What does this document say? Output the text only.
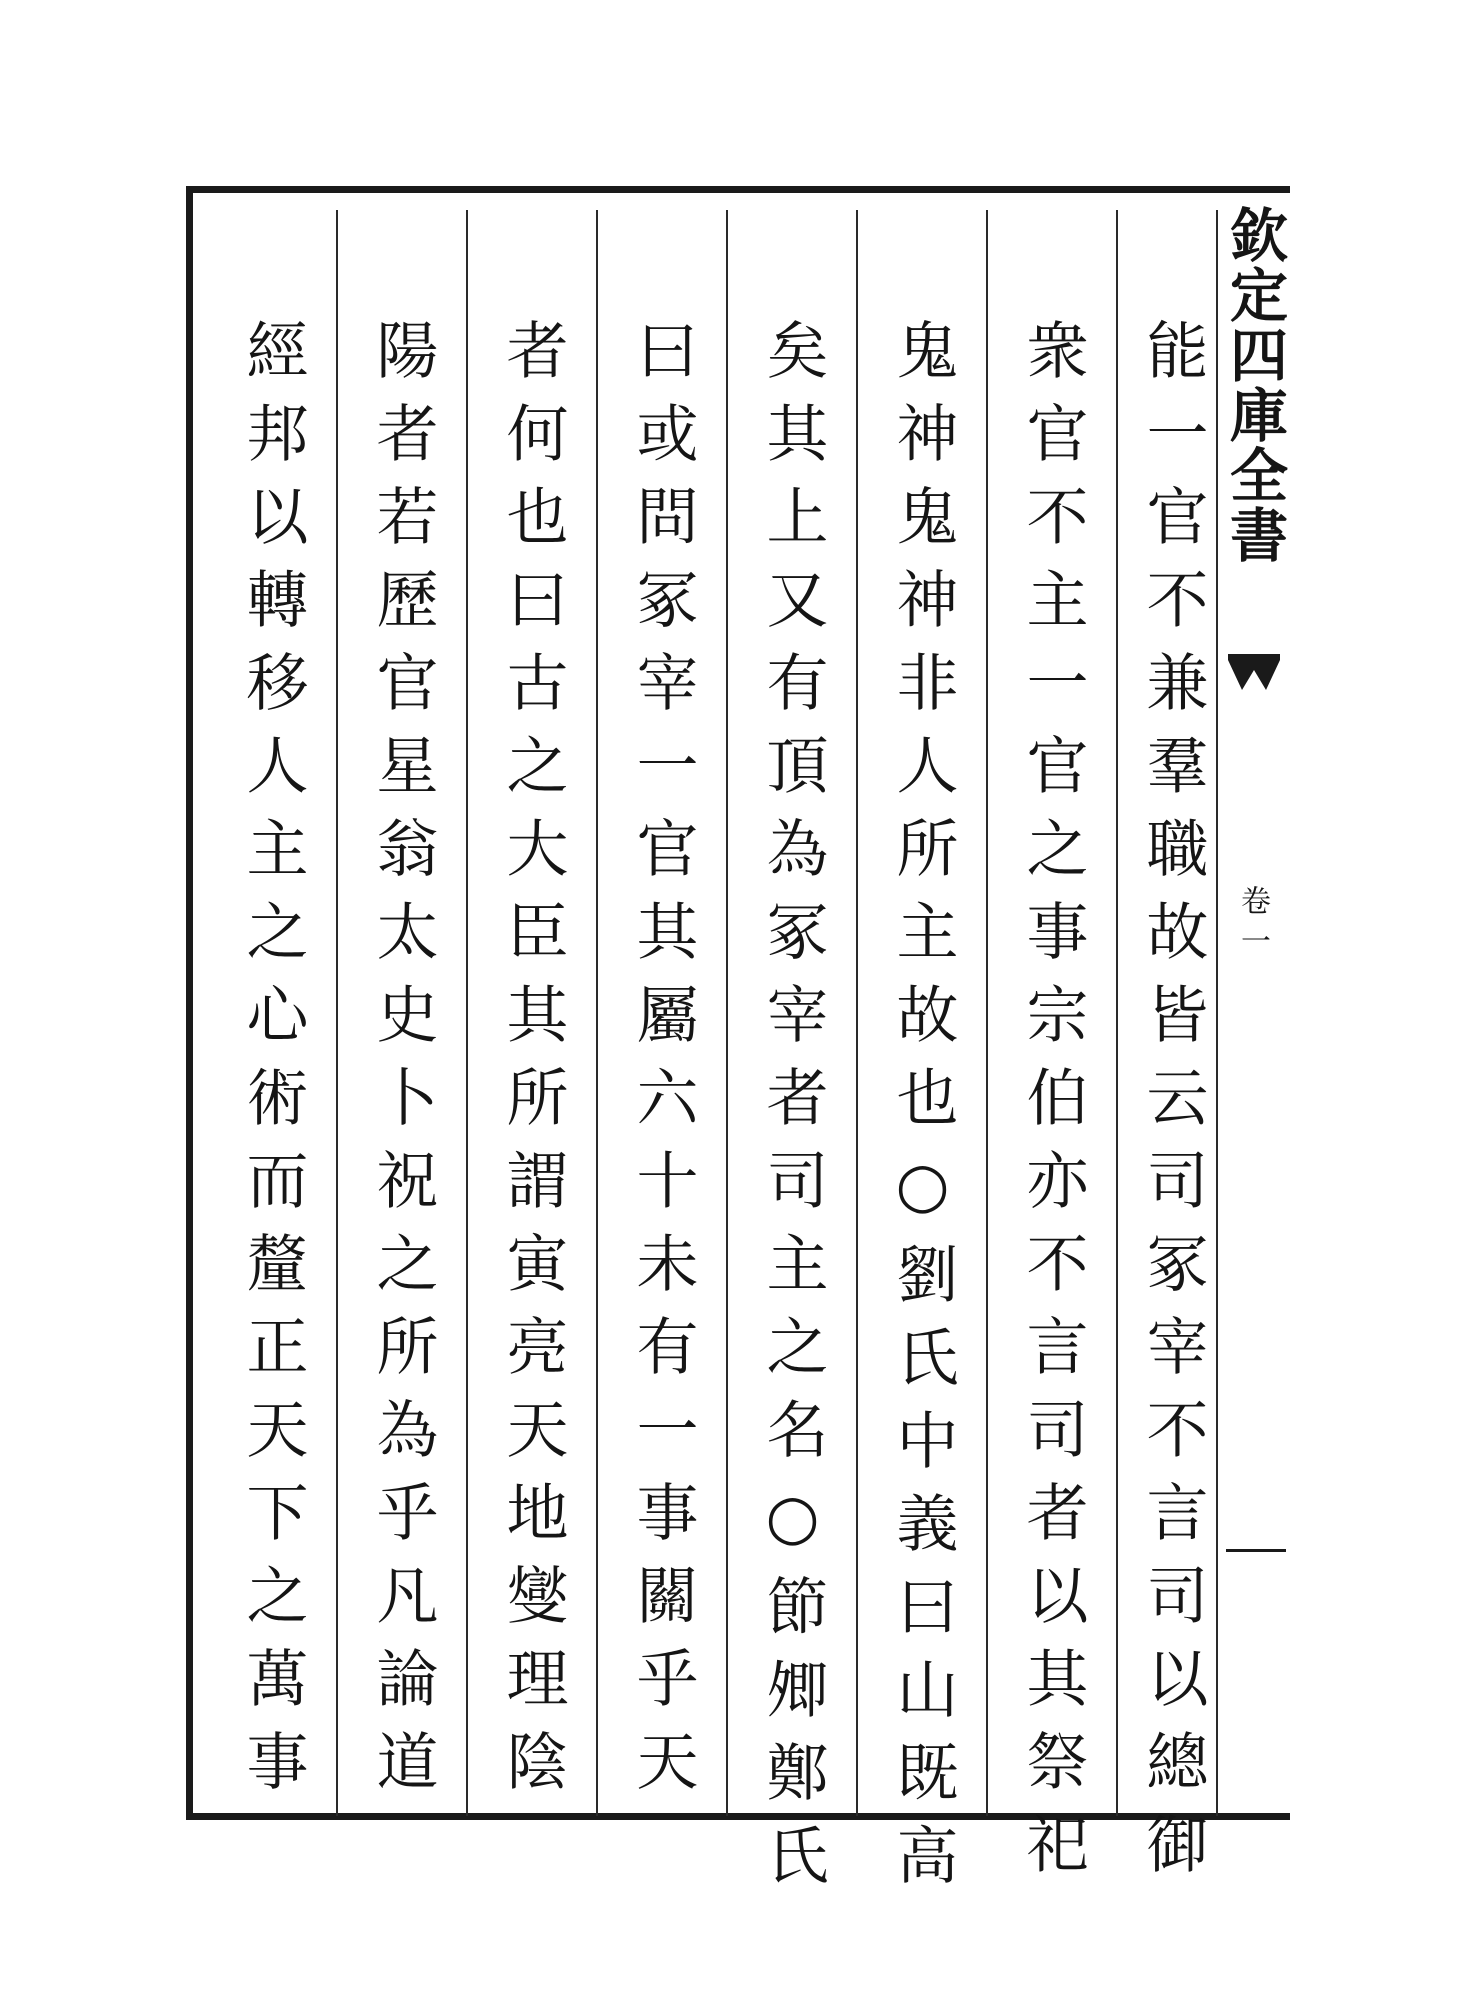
能一官不兼羣職故皆云司冢宰不言司以總御
衆官不主一官之事宗伯亦不言司者以其祭祀
鬼神鬼神非人所主故也○劉氏中義曰山既高
矣其上又有頂為冢宰者司主之名○節𡖖鄭氏
曰或問冢宰一官其屬六十未有一事關乎天
者何也曰古之大臣其所謂寅亮天地燮理陰
陽者若歷官星翁太史卜祝之所為乎凡論道
經邦以轉移人主之心術而釐正天下之萬事	欽定四庫全書
卷一
